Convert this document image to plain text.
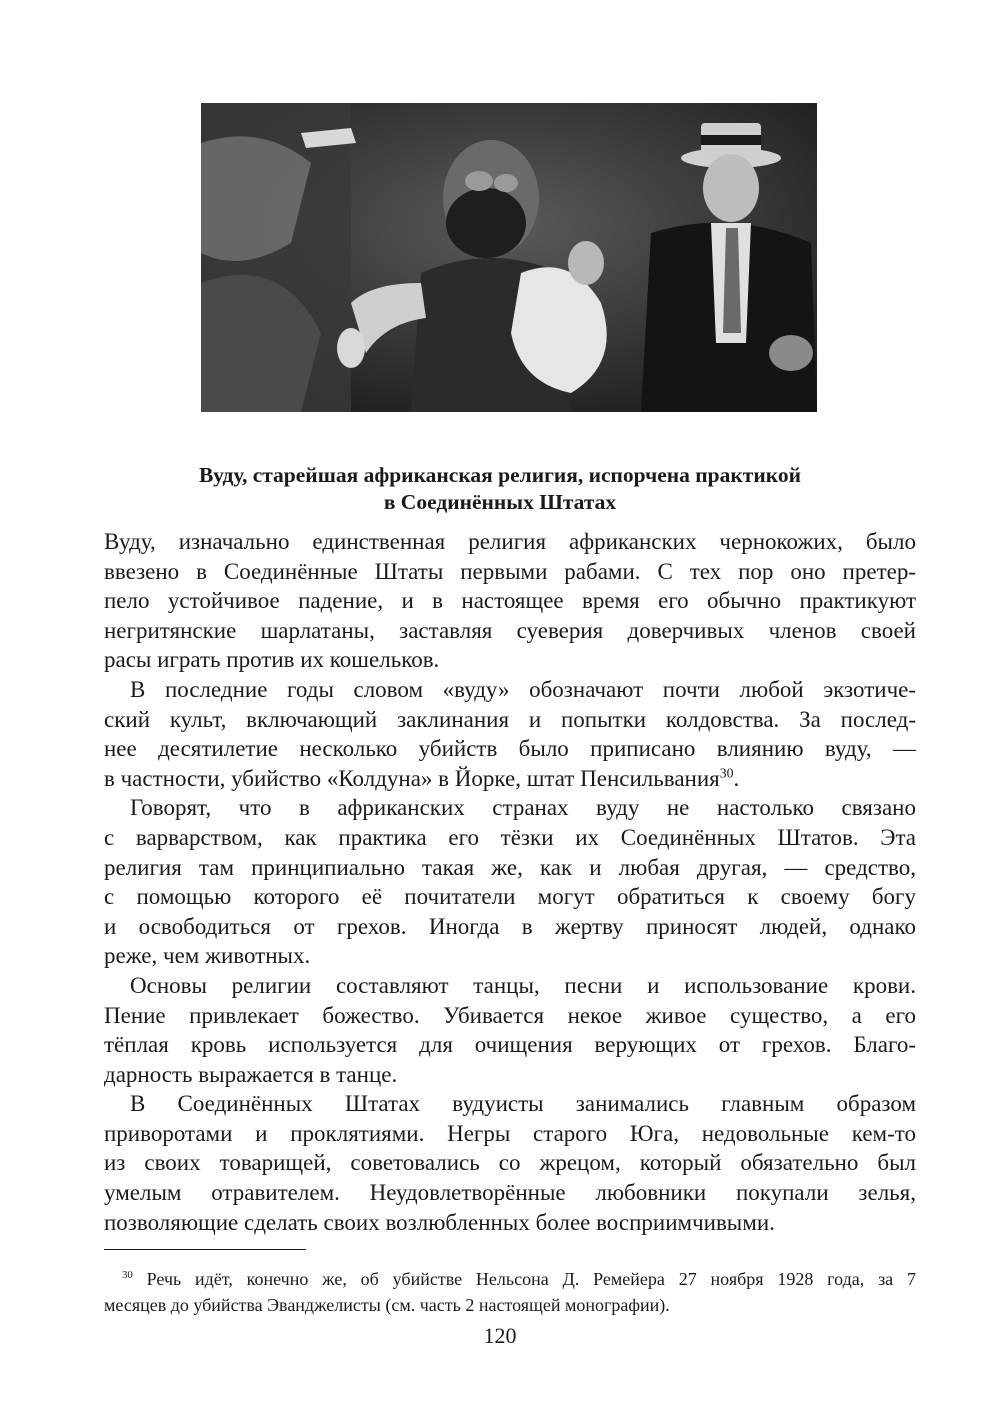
Вуду, старейшая африканская религия, испорчена практикой
в Соединённых Штатах

Вуду, изначально единственная религия африканских чернокожих, было
ввезено в Соединённые Штаты первыми рабами. С тех пор оно претер-
пело устойчивое падение, и в настоящее время его обычно практикуют
негритянские шарлатаны, заставляя суеверия доверчивых членов своей
расы играть против их кошельков.

В последние годы словом «вуду» обозначают почти любой экзотиче-
ский культ, включающий заклинания и попытки колдовства. За послед-
нее десятилетие несколько убийств было приписано влиянию вуду, —
в частности, убийство «Колдуна» в Йорке, штат Пенсильвания$^{30}$.

Говорят, что в африканских странах вуду не настолько связано
с варварством, как практика его тёзки их Соединённых Штатов. Эта
религия там принципиально такая же, как и любая другая, — средство,
с помощью которого её почитатели могут обратиться к своему богу
и освободиться от грехов. Иногда в жертву приносят людей, однако
реже, чем животных.

Основы религии составляют танцы, песни и использование крови.
Пение привлекает божество. Убивается некое живое существо, а его
тёплая кровь используется для очищения верующих от грехов. Благо-
дарность выражается в танце.

В Соединённых Штатах вудуисты занимались главным образом
приворотами и проклятиями. Негры старого Юга, недовольные кем-то
из своих товарищей, советовались со жрецом, который обязательно был
умелым отравителем. Неудовлетворённые любовники покупали зелья,
позволяющие сделать своих возлюбленных более восприимчивыми.

$^{30}$ Речь идёт, конечно же, об убийстве Нельсона Д. Ремейера 27 ноября 1928 года, за 7
месяцев до убийства Эванджелисты (см. часть 2 настоящей монографии).

120
